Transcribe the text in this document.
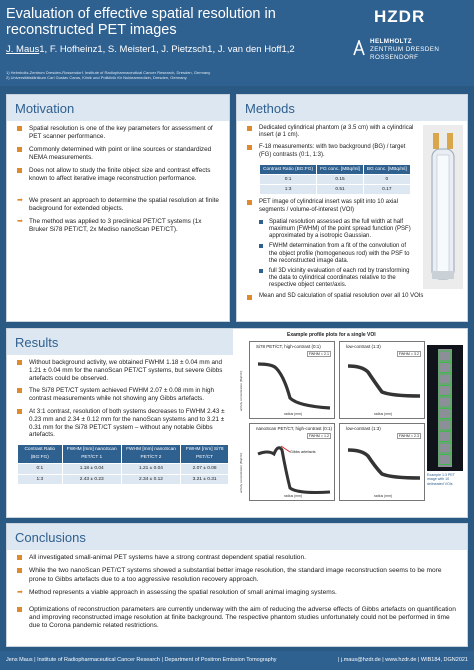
Evaluation of effective spatial resolution in reconstructed PET images
J. Maus1, F. Hofheinz1, S. Meister1, J. Pietzsch1, J. van den Hoff1,2
1) Helmholtz-Zentrum Dresden-Rossendorf, Institute of Radiopharmaceutical Cancer Research, Dresden, Germany
2) Universitätsklinikum Carl Gustav Carus, Klinik und Poliklinik für Nuklearmedizin, Dresden, Germany
HZDR
HELMHOLTZ
ZENTRUM DRESDEN
ROSSENDORF
Motivation
Spatial resolution is one of the key parameters for assessment of PET scanner performance.
Commonly determined with point or line sources or standardized NEMA measurements.
Does not allow to study the finite object size and contrast effects known to affect iterative image reconstruction performance.
➡ We present an approach to determine the spatial resolution at finite background for extended objects.
➡ The method was applied to 3 preclinical PET/CT systems (1x Bruker Si78 PET/CT, 2x Mediso nanoScan PET/CT).
Methods
Dedicated cylindrical phantom (ø 3.5 cm) with a cylindrical insert (ø 1 cm).
F-18 measurements: with two background (BG) / target (FG) contrasts (0:1, 1:3).
Contrast Ratio (BG:FG)	FG conc. [MBq/ml]	BG conc. [MBq/ml]
0:1	0.15	0
1:3	0.51	0.17
PET image of cylindrical insert was split into 10 axial segments / volume-of-interest (VOI)
Spatial resolution assessed as the full width at half maximum (FWHM) of the point spread function (PSF) approximated by a isotropic Gaussian.
FWHM determination from a fit of the convolution of the object profile (homogeneous rod) with the PSF to the reconstructed image data.
full 3D vicinity evaluation of each rod by transforming the data to cylindrical coordinates relative to the respective object center/axis.
Mean and SD calculation of spatial resolution over all 10 VOIs
Results
Without background activity, we obtained FWHM 1.18 ± 0.04 mm and 1.21 ± 0.04 mm for the nanoScan PET/CT systems, but severe Gibbs artefacts could be observed.
The Si78 PET/CT system achieved FWHM 2.07 ± 0.08 mm in high contrast measurements while not showing any Gibbs artefacts.
At 3:1 contrast, resolution of both systems decreases to FWHM 2.43 ± 0.23 mm and 2.34 ± 0.12 mm for the nanoScan systems and to 3.21 ± 0.31 mm for the Si78 PET/CT system – without any notable Gibbs artefacts.
Contrast Ratio (BG:FG)	FWHM [mm] nanoScan PET/CT 1	FWHM [mm] nanoScan PET/CT 2	FWHM [mm] Si78 PET/CT
0:1	1.18 ± 0.04	1.21 ± 0.04	2.07 ± 0.08
1:3	2.43 ± 0.23	2.34 ± 0.12	3.21 ± 0.31
Example profile plots for a single VOI
Si78 PET/CT, high-contrast (0:1)
FWHM = 2.1
radius (mm)
low-contrast (1:3)
FWHM = 3.2
radius (mm)
nanoScan PET/CT, high-contrast (0:1)
FWHM = 1.2
Gibbs artefacts
radius (mm)
low-contrast (1:3)
FWHM = 2.3
radius (mm)
activity concentration (Bq/cm³)
activity concentration (Bq/cm³)	Example 1:3 PET image with 10 delineated VOIs
Conclusions
All investigated small-animal PET systems have a strong contrast dependent spatial resolution.
While the two nanoScan PET/CT systems showed a substantial better image resolution, the standard image reconstruction seems to be more prone to Gibbs artefacts due to a too aggressive resolution recovery approach.
➡ Method represents a viable approach in assessing the spatial resolution of small animal imaging systems.
Optimizations of reconstruction parameters are currently underway with the aim of reducing the adverse effects of Gibbs artefacts on quantification and improving reconstructed image resolution at finite background. The respective phantom studies unfortunately could not be performed in time due to Corona pandemic related restrictions.
Jens Maus | Institute of Radiopharmaceutical Cancer Research | Department of Positron Emission Tomography	| j.maus@hzdr.de | www.hzdr.de | WIB184, DGN2021
